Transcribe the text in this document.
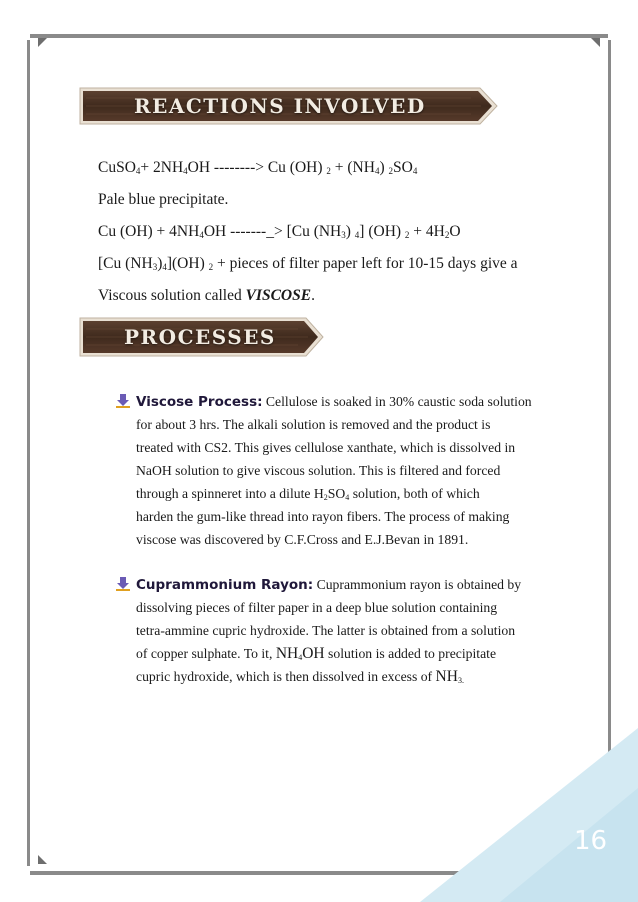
REACTIONS INVOLVED
CuSO$_4$+ $2NH_4OH$ --------> Cu (OH) $_2 + (NH_4)$ $_2SO_4$
Pale blue precipitate.
Cu $(OH) + 4NH_4OH$ -------_> [Cu $(NH_3)$ $_4$] (OH) $_2 + 4H_2O$
[Cu $(NH_3)_4](OH) _2$ + pieces of filter paper left for 10-15 days give a
Viscous solution called VISCOSE.
PROCESSES
Viscose Process: Cellulose is soaked in 30% caustic soda solution
for about 3 hrs. The alkali solution is removed and the product is
treated with CS2. This gives cellulose xanthate, which is dissolved in
NaOH solution to give viscous solution. This is filtered and forced
through a spinneret into a dilute $H_2SO_4$ solution, both of which
harden the gum-like thread into rayon fibers. The process of making
viscose was discovered by C.F.Cross and E.J.Bevan in 1891.
Cuprammonium Rayon: Cuprammonium rayon is obtained by
dissolving pieces of filter paper in a deep blue solution containing
tetra-ammine cupric hydroxide. The latter is obtained from a solution
of copper sulphate. To it, $NH_4OH$ solution is added to precipitate
cupric hydroxide, which is then dissolved in excess of $NH_{3.}$
16
